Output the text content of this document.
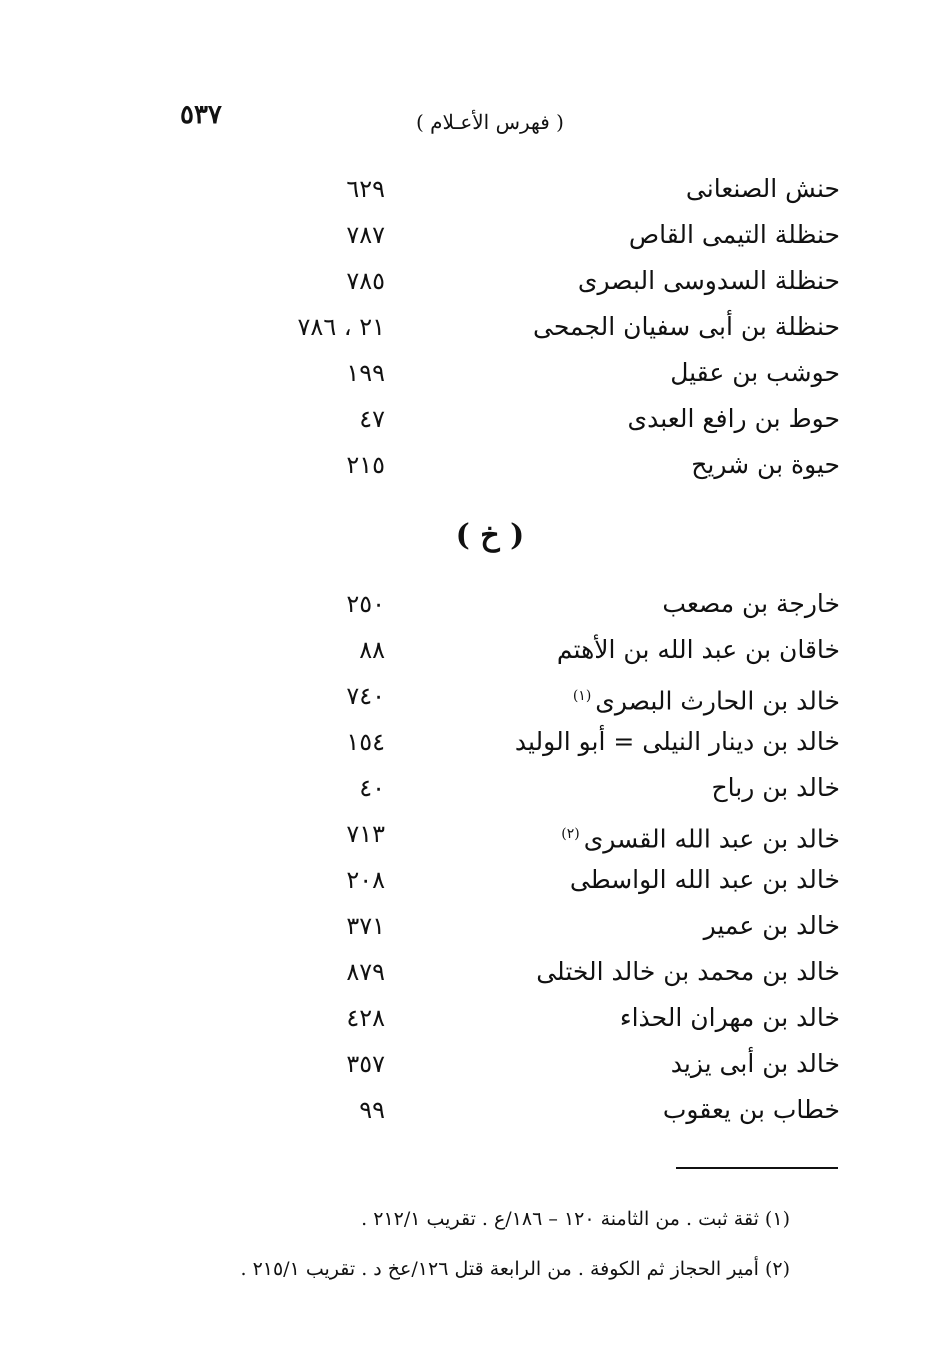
٥٣٧	( فهرس الأعـلام )
حنش الصنعانى
٦٢٩
حنظلة التيمى القاص
٧٨٧
حنظلة السدوسى البصرى
٧٨٥
حنظلة بن أبى سفيان الجمحى
٢١ ، ٧٨٦
حوشب بن عقيل
١٩٩
حوط بن رافع العبدى
٤٧
حيوة بن شريح
٢١٥
( خ )
خارجة بن مصعب
٢٥٠
خاقان بن عبد الله بن الأهتم
٨٨
خالد بن الحارث البصرى$^{(١)}$
٧٤٠
خالد بن دينار النيلى = أبو الوليد
١٥٤
خالد بن رباح
٤٠
خالد بن عبد الله القسرى$^{(٢)}$
٧١٣
خالد بن عبد الله الواسطى
٢٠٨
خالد بن عمير
٣٧١
خالد بن محمد بن خالد الختلى
٨٧٩
خالد بن مهران الحذاء
٤٢٨
خالد بن أبى يزيد
٣٥٧
خطاب بن يعقوب
٩٩
(١) ثقة ثبت . من الثامنة ١٢٠ – ١٨٦/ع . تقريب ٢١٢/١ .
(٢) أمير الحجاز ثم الكوفة . من الرابعة قتل ١٢٦/عخ د . تقريب ٢١٥/١ .
